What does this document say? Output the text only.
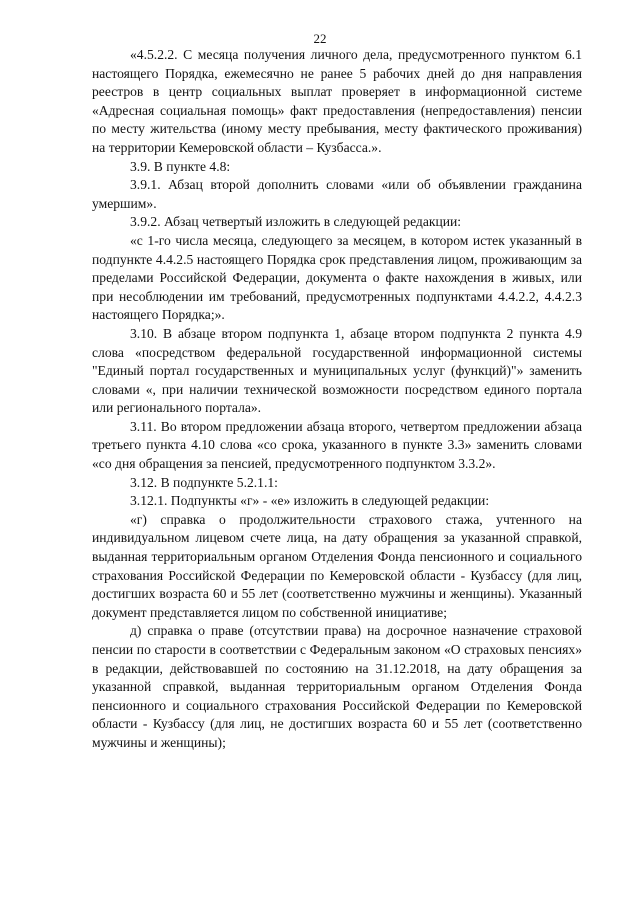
22

«4.5.2.2. С месяца получения личного дела, предусмотренного пунктом 6.1 настоящего Порядка, ежемесячно не ранее 5 рабочих дней до дня направления реестров в центр социальных выплат проверяет в информационной системе «Адресная социальная помощь» факт предоставления (непредоставления) пенсии по месту жительства (иному месту пребывания, месту фактического проживания) на территории Кемеровской области – Кузбасса.».

3.9. В пункте 4.8:

3.9.1. Абзац второй дополнить словами «или об объявлении гражданина умершим».

3.9.2. Абзац четвертый изложить в следующей редакции:

«с 1-го числа месяца, следующего за месяцем, в котором истек указанный в подпункте 4.4.2.5 настоящего Порядка срок представления лицом, проживающим за пределами Российской Федерации, документа о факте нахождения в живых, или при несоблюдении им требований, предусмотренных подпунктами 4.4.2.2, 4.4.2.3 настоящего Порядка;».

3.10. В абзаце втором подпункта 1, абзаце втором подпункта 2 пункта 4.9 слова «посредством федеральной государственной информационной системы "Единый портал государственных и муниципальных услуг (функций)"» заменить словами «, при наличии технической возможности посредством единого портала или регионального портала».

3.11. Во втором предложении абзаца второго, четвертом предложении абзаца третьего пункта 4.10 слова «со срока, указанного в пункте 3.3» заменить словами «со дня обращения за пенсией, предусмотренного подпунктом 3.3.2».

3.12. В подпункте 5.2.1.1:

3.12.1. Подпункты «г» - «е» изложить в следующей редакции:

«г) справка о продолжительности страхового стажа, учтенного на индивидуальном лицевом счете лица, на дату обращения за указанной справкой, выданная территориальным органом Отделения Фонда пенсионного и социального страхования Российской Федерации по Кемеровской области - Кузбассу (для лиц, достигших возраста 60 и 55 лет (соответственно мужчины и женщины). Указанный документ представляется лицом по собственной инициативе;

д) справка о праве (отсутствии права) на досрочное назначение страховой пенсии по старости в соответствии с Федеральным законом «О страховых пенсиях» в редакции, действовавшей по состоянию на 31.12.2018, на дату обращения за указанной справкой, выданная территориальным органом Отделения Фонда пенсионного и социального страхования Российской Федерации по Кемеровской области - Кузбассу (для лиц, не достигших возраста 60 и 55 лет (соответственно мужчины и женщины);
